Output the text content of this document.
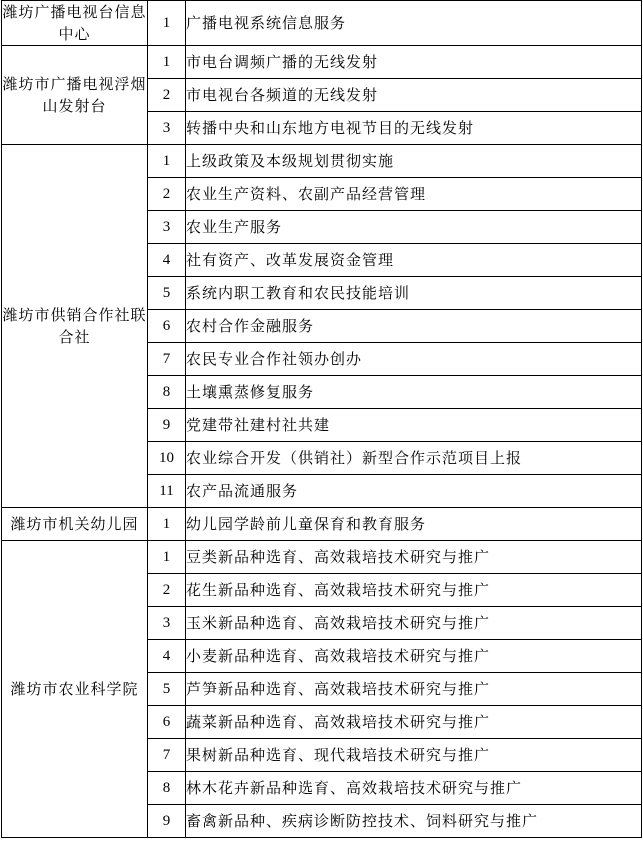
潍坊广播电视台信息中心	1	广播电视系统信息服务
潍坊市广播电视浮烟山发射台	1	市电台调频广播的无线发射
	2	市电视台各频道的无线发射
	3	转播中央和山东地方电视节目的无线发射
潍坊市供销合作社联合社	1	上级政策及本级规划贯彻实施
	2	农业生产资料、农副产品经营管理
	3	农业生产服务
	4	社有资产、改革发展资金管理
	5	系统内职工教育和农民技能培训
	6	农村合作金融服务
	7	农民专业合作社领办创办
	8	土壤熏蒸修复服务
	9	党建带社建村社共建
	10	农业综合开发（供销社）新型合作示范项目上报
	11	农产品流通服务
潍坊市机关幼儿园	1	幼儿园学龄前儿童保育和教育服务
潍坊市农业科学院	1	豆类新品种选育、高效栽培技术研究与推广
	2	花生新品种选育、高效栽培技术研究与推广
	3	玉米新品种选育、高效栽培技术研究与推广
	4	小麦新品种选育、高效栽培技术研究与推广
	5	芦笋新品种选育、高效栽培技术研究与推广
	6	蔬菜新品种选育、高效栽培技术研究与推广
	7	果树新品种选育、现代栽培技术研究与推广
	8	林木花卉新品种选育、高效栽培技术研究与推广
	9	畜禽新品种、疾病诊断防控技术、饲料研究与推广
